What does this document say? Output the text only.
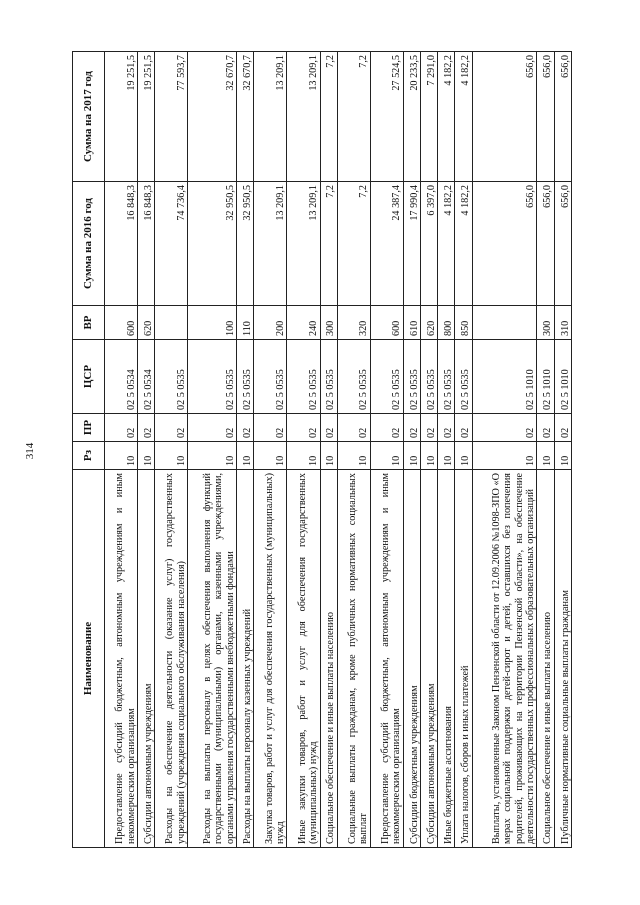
314
Наименование	Рз	ПР	ЦСР	ВР	Сумма на 2016 год	Сумма на 2017 год
Предоставление субсидий бюджетным, автономным учреждениям и иным некоммерческим организациям	10	02	02 5 0534	600	16 848,3	19 251,5
Субсидии автономным учреждениям	10	02	02 5 0534	620	16 848,3	19 251,5
Расходы на обеспечение деятельности (оказание услуг) государственных учреждений (учреждения социального обслуживания населения)	10	02	02 5 0535		74 736,4	77 593,7
Расходы на выплаты персоналу в целях обеспечения выполнения функций государственными (муниципальными) органами, казенными учреждениями, органами управления государственными внебюджетными фондами	10	02	02 5 0535	100	32 950,5	32 670,7
Расходы на выплаты персоналу казенных учреждений	10	02	02 5 0535	110	32 950,5	32 670,7
Закупка товаров, работ и услуг для обеспечения государственных (муниципальных) нужд	10	02	02 5 0535	200	13 209,1	13 209,1
Иные закупки товаров, работ и услуг для обеспечения государственных (муниципальных) нужд	10	02	02 5 0535	240	13 209,1	13 209,1
Социальное обеспечение и иные выплаты населению	10	02	02 5 0535	300	7,2	7,2
Социальные выплаты гражданам, кроме публичных нормативных социальных выплат	10	02	02 5 0535	320	7,2	7,2
Предоставление субсидий бюджетным, автономным учреждениям и иным некоммерческим организациям	10	02	02 5 0535	600	24 387,4	27 524,5
Субсидии бюджетным учреждениям	10	02	02 5 0535	610	17 990,4	20 233,5
Субсидии автономным учреждениям	10	02	02 5 0535	620	6 397,0	7 291,0
Иные бюджетные ассигнования	10	02	02 5 0535	800	4 182,2	4 182,2
Уплата налогов, сборов и иных платежей	10	02	02 5 0535	850	4 182,2	4 182,2
Выплаты, установленные Законом Пензенской области от 12.09.2006 №1098-ЗПО «О мерах социальной поддержки детей-сирот и детей, оставшихся без попечения родителей, проживающих на территории Пензенской области», на обеспечение деятельности государственных профессиональных образовательных организаций	10	02	02 5 1010		656,0	656,0
Социальное обеспечение и иные выплаты населению	10	02	02 5 1010	300	656,0	656,0
Публичные нормативные социальные выплаты гражданам	10	02	02 5 1010	310	656,0	656,0
